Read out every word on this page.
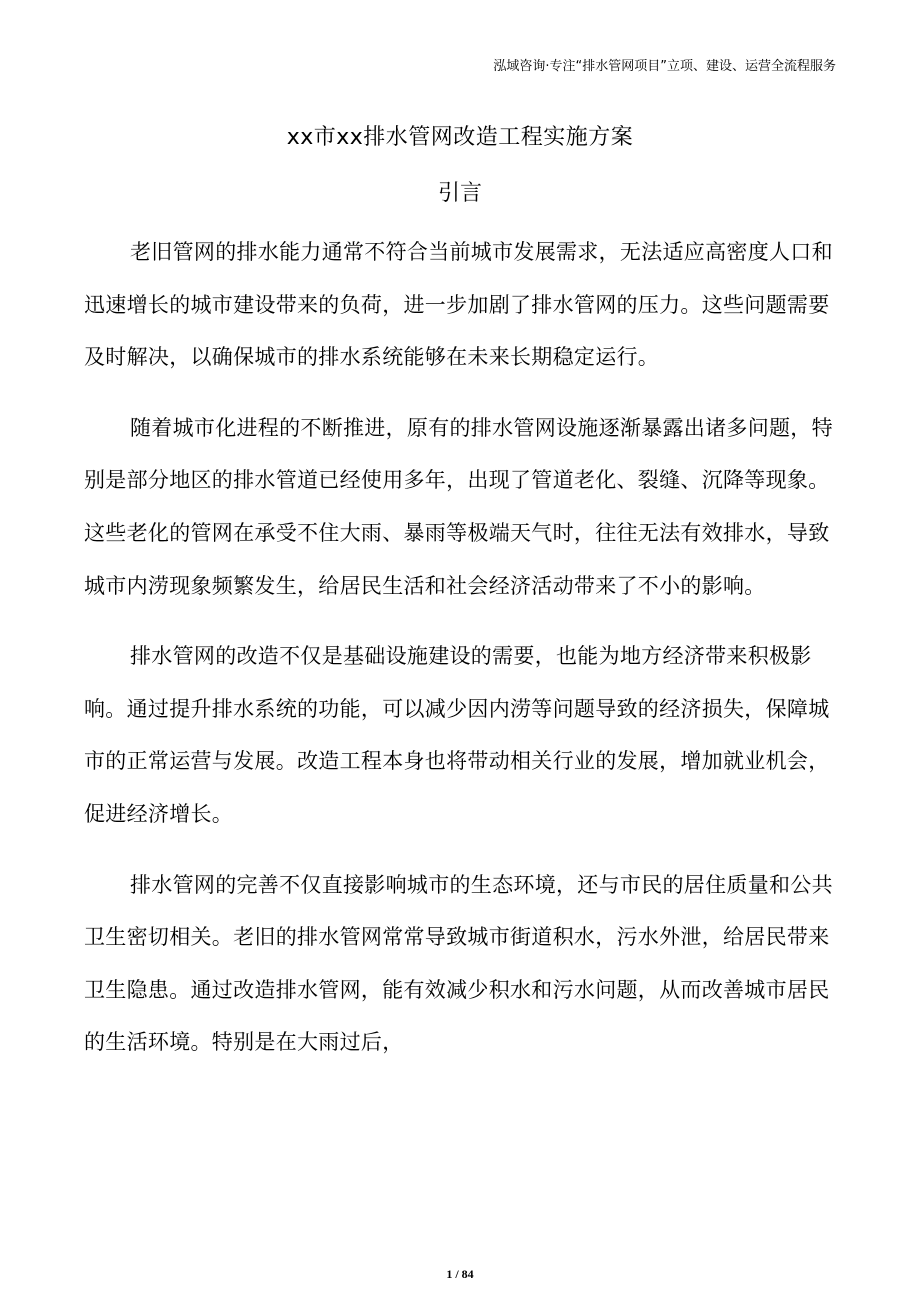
泓域咨询·专注“排水管网项目”立项、建设、运营全流程服务
xx市xx排水管网改造工程实施方案
引言

老旧管网的排水能力通常不符合当前城市发展需求，无法适应高密度人口和迅速增长的城市建设带来的负荷，进一步加剧了排水管网的压力。这些问题需要及时解决，以确保城市的排水系统能够在未来长期稳定运行。

随着城市化进程的不断推进，原有的排水管网设施逐渐暴露出诸多问题，特别是部分地区的排水管道已经使用多年，出现了管道老化、裂缝、沉降等现象。这些老化的管网在承受不住大雨、暴雨等极端天气时，往往无法有效排水，导致城市内涝现象频繁发生，给居民生活和社会经济活动带来了不小的影响。

排水管网的改造不仅是基础设施建设的需要，也能为地方经济带来积极影响。通过提升排水系统的功能，可以减少因内涝等问题导致的经济损失，保障城市的正常运营与发展。改造工程本身也将带动相关行业的发展，增加就业机会，促进经济增长。

排水管网的完善不仅直接影响城市的生态环境，还与市民的居住质量和公共卫生密切相关。老旧的排水管网常常导致城市街道积水，污水外泄，给居民带来卫生隐患。通过改造排水管网，能有效减少积水和污水问题，从而改善城市居民的生活环境。特别是在大雨过后，

1 / 84
